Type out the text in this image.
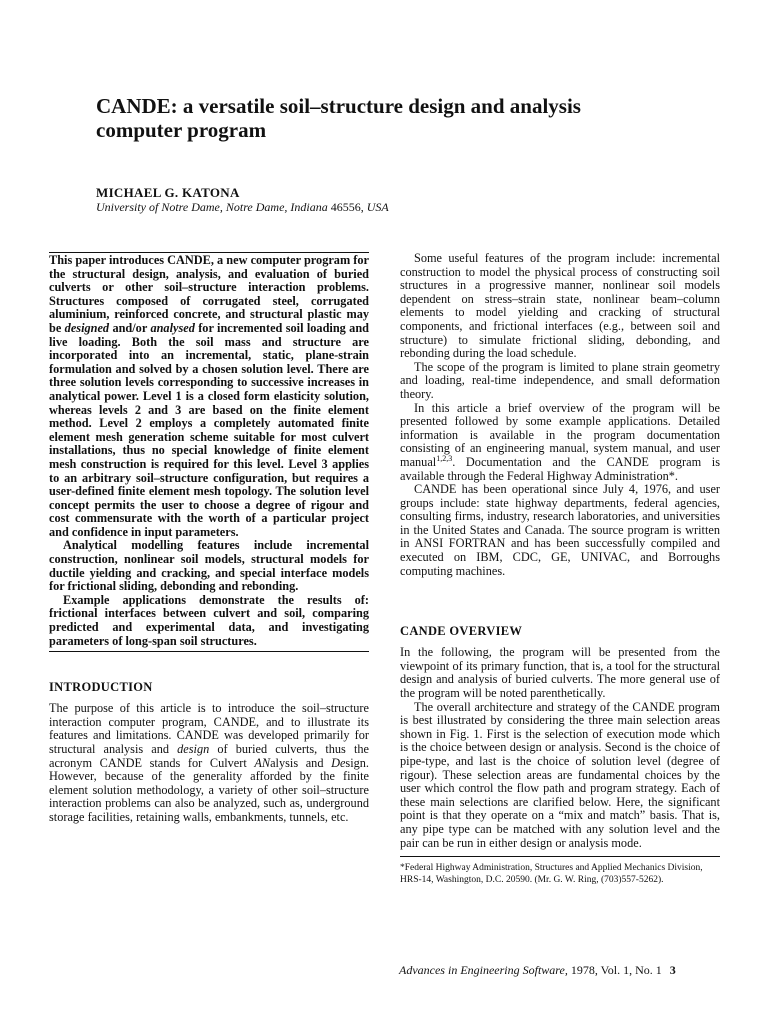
CANDE: a versatile soil–structure design and analysis computer program

MICHAEL G. KATONA

University of Notre Dame, Notre Dame, Indiana 46556, USA

This paper introduces CANDE, a new computer program for the structural design, analysis, and evaluation of buried culverts or other soil–structure interaction problems. Structures composed of corrugated steel, corrugated aluminium, reinforced concrete, and structural plastic may be designed and/or analysed for incremented soil loading and live loading. Both the soil mass and structure are incorporated into an incremental, static, plane-strain formulation and solved by a chosen solution level. There are three solution levels corresponding to successive increases in analytical power. Level 1 is a closed form elasticity solution, whereas levels 2 and 3 are based on the finite element method. Level 2 employs a completely automated finite element mesh generation scheme suitable for most culvert installations, thus no special knowledge of finite element mesh construction is required for this level. Level 3 applies to an arbitrary soil–structure configuration, but requires a user-defined finite element mesh topology. The solution level concept permits the user to choose a degree of rigour and cost commensurate with the worth of a particular project and confidence in input parameters.

Analytical modelling features include incremental construction, nonlinear soil models, structural models for ductile yielding and cracking, and special interface models for frictional sliding, debonding and rebonding.

Example applications demonstrate the results of: frictional interfaces between culvert and soil, comparing predicted and experimental data, and investigating parameters of long-span soil structures.

INTRODUCTION

The purpose of this article is to introduce the soil–structure interaction computer program, CANDE, and to illustrate its features and limitations. CANDE was developed primarily for structural analysis and design of buried culverts, thus the acronym CANDE stands for Culvert ANalysis and Design. However, because of the generality afforded by the finite element solution methodology, a variety of other soil–structure interaction problems can also be analyzed, such as, underground storage facilities, retaining walls, embankments, tunnels, etc.

Some useful features of the program include: incremental construction to model the physical process of constructing soil structures in a progressive manner, nonlinear soil models dependent on stress–strain state, nonlinear beam–column elements to model yielding and cracking of structural components, and frictional interfaces (e.g., between soil and structure) to simulate frictional sliding, debonding, and rebonding during the load schedule.

The scope of the program is limited to plane strain geometry and loading, real-time independence, and small deformation theory.

In this article a brief overview of the program will be presented followed by some example applications. Detailed information is available in the program documentation consisting of an engineering manual, system manual, and user manual$^{1,2,3}$. Documentation and the CANDE program is available through the Federal Highway Administration*.

CANDE has been operational since July 4, 1976, and user groups include: state highway departments, federal agencies, consulting firms, industry, research laboratories, and universities in the United States and Canada. The source program is written in ANSI FORTRAN and has been successfully compiled and executed on IBM, CDC, GE, UNIVAC, and Borroughs computing machines.

CANDE OVERVIEW

In the following, the program will be presented from the viewpoint of its primary function, that is, a tool for the structural design and analysis of buried culverts. The more general use of the program will be noted parenthetically.

The overall architecture and strategy of the CANDE program is best illustrated by considering the three main selection areas shown in Fig. 1. First is the selection of execution mode which is the choice between design or analysis. Second is the choice of pipe-type, and last is the choice of solution level (degree of rigour). These selection areas are fundamental choices by the user which control the flow path and program strategy. Each of these main selections are clarified below. Here, the significant point is that they operate on a “mix and match” basis. That is, any pipe type can be matched with any solution level and the pair can be run in either design or analysis mode.

*Federal Highway Administration, Structures and Applied Mechanics Division, HRS-14, Washington, D.C. 20590. (Mr. G. W. Ring, (703)557-5262).

Advances in Engineering Software, 1978, Vol. 1, No. 1 3
